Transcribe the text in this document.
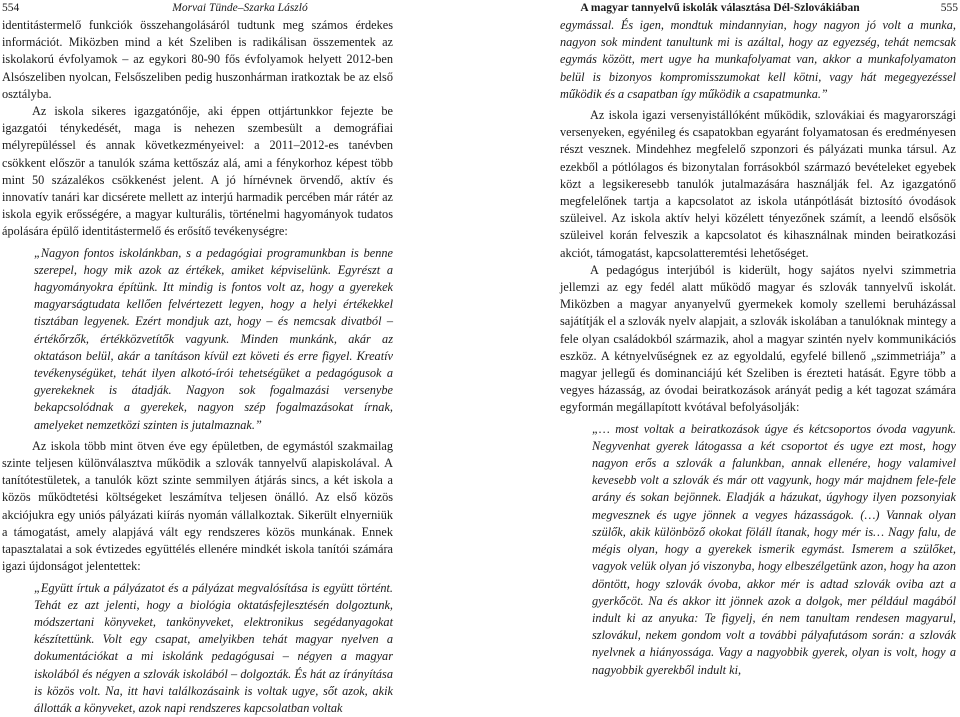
554	Morvai Tünde–Szarka László	A magyar tannyelvű iskolák választása Dél-Szlovákiában	555

identitástermelő funkciók összehangolásáról tudtunk meg számos érdekes információt. Miközben mind a két Szeliben is radikálisan összementek az iskolakorú évfolyamok – az egykori 80-90 fős évfolyamok helyett 2012-ben Alsószeliben nyolcan, Felsőszeliben pedig huszonhárman iratkoztak be az első osztályba.

Az iskola sikeres igazgatónője, aki éppen ottjártunkkor fejezte be igazgatói ténykedését, maga is nehezen szembesült a demográfiai mélyrepüléssel és annak következményeivel: a 2011–2012-es tanévben csökkent először a tanulók száma kettőszáz alá, ami a fénykorhoz képest több mint 50 százalékos csökkenést jelent. A jó hírnévnek örvendő, aktív és innovatív tanári kar dicséretе mellett az interjú harmadik percében már rátér az iskola egyik erősségére, a magyar kulturális, történelmi hagyományok tudatos ápolására épülő identitástermelő és erősítő tevékenységre:

„Nagyon fontos iskolánkban, s a pedagógiai programunkban is benne szerepel, hogy mik azok az értékek, amiket képviselünk. Egyrészt a hagyományokra építünk. Itt mindig is fontos volt az, hogy a gyerekek magyarságtudata kellően felvértezett legyen, hogy a helyi értékekkel tisztában legyenek. Ezért mondjuk azt, hogy – és nemcsak divatból – értékőrzők, értékközvetítők vagyunk. Minden munkánk, akár az oktatáson belül, akár a tanításon kívül ezt követi és erre figyel. Kreatív tevékenységüket, tehát ilyen alkotó-írói tehetségüket a pedagógusok a gyerekeknek is átadják. Nagyon sok fogalmazási versenybe bekapcsolódnak a gyerekek, nagyon szép fogalmazásokat írnak, amelyeket nemzetközi szinten is jutalmaznak.”

Az iskola több mint ötven éve egy épületben, de egymástól szakmailag szinte teljesen különválasztva működik a szlovák tannyelvű alapiskolával. A tanítótestületek, a tanulók közt szinte semmilyen átjárás sincs, a két iskola a közös működtetési költségeket leszámítva teljesen önálló. Az első közös akciójukra egy uniós pályázati kiírás nyomán vállalkoztak. Sikerült elnyerniük a támogatást, amely alapjává vált egy rendszeres közös munkának. Ennek tapasztalatai a sok évtizedes együttélés ellenére mindkét iskola tanítói számára igazi újdonságot jelentettek:

„Együtt írtuk a pályázatot és a pályázat megvalósítása is együtt történt. Tehát ez azt jelenti, hogy a biológia oktatásfejlesztésén dolgoztunk, módszertani könyveket, tankönyveket, elektronikus segédanyagokat készítettünk. Volt egy csapat, amelyikben tehát magyar nyelven a dokumentációkat a mi iskolánk pedagógusai – négyen a magyar iskolából és négyen a szlovák iskolából – dolgozták. És hát az írányítása is közös volt. Na, itt havi találkozásaink is voltak ugye, sőt azok, akik állották a könyveket, azok napi rendszeres kapcsolatban voltak

egymással. És igen, mondtuk mindannyian, hogy nagyon jó volt a munka, nagyon sok mindent tanultunk mi is azáltal, hogy az egyezség, tehát nemcsak egymás között, mert ugye ha munkafolyamat van, akkor a munkafolyamaton belül is bizonyos kompromisszumokat kell kötni, vagy hát megegyezéssel működik és a csapatban így működik a csapatmunka.”

Az iskola igazi versenyistállóként működik, szlovákiai és magyarországi versenyeken, egyénileg és csapatokban egyaránt folyamatosan és eredményesen részt vesznek. Mindehhez megfelelő szponzori és pályázati munka társul. Az ezekből a pótlólagos és bizonytalan forrásokból származó bevételeket egyebek közt a legsikeresebb tanulók jutalmazására használják fel. Az igazgatónő megfelelőnek tartja a kapcsolatot az iskola utánpótlását biztosító óvodások szüleivel. Az iskola aktív helyi közélett tényezőnek számít, a leendő elsősök szüleivel korán felveszik a kapcsolatot és kihasználnak minden beiratkozási akciót, támogatást, kapcsolatteremtési lehetőséget.

A pedagógus interjúból is kiderült, hogy sajátos nyelvi szimmetria jellemzi az egy fedél alatt működő magyar és szlovák tannyelvű iskolát. Miközben a magyar anyanyelvű gyermekek komoly szellemi beruházással sajátítják el a szlovák nyelv alapjait, a szlovák iskolában a tanulóknak mintegy a fele olyan családokból származik, ahol a magyar szintén nyelv kommunikációs eszköz. A kétnyelvűségnek ez az egyoldalú, egyfelé billenő „szimmetriája” a magyar jellegű és dominanciájú két Szeliben is érezteti hatását. Egyre több a vegyes házasság, az óvodai beiratkozások arányát pedig a két tagozat számára egyformán megállapított kvótával befolyásolják:

„… most voltak a beiratkozások úgye és kétcsoportos óvoda vagyunk. Negyvenhat gyerek látogassa a két csoportot és ugye ezt most, hogy nagyon erős a szlovák a falunkban, annak ellenére, hogy valamivel kevesebb volt a szlovák és már ott vagyunk, hogy már majdnem fele-fele arány és sokan bejönnek. Eladják a házukat, úgyhogy ilyen pozsonyiak megvesznek és ugye jönnek a vegyes házasságok. (…) Vannak olyan szülők, akik különböző okokat föláll ítanak, hogy mér is… Nagy falu, de mégis olyan, hogy a gyerekek ismerik egymást. Ismerem a szülőket, vagyok velük olyan jó viszonyba, hogy elbeszélgetünk azon, hogy ha azon döntött, hogy szlovák óvoba, akkor mér is adtad szlovák oviba azt a gyerkőcöt. Na és akkor itt jönnek azok a dolgok, mer például magából indult ki az anyuka: Te figyelj, én nem tanultam rendesen magyarul, szlovákul, nekem gondom volt a további pályafutásom során: a szlovák nyelvnek a hiányossága. Vagy a nagyobbik gyerek, olyan is volt, hogy a nagyobbik gyerekből indult ki,
